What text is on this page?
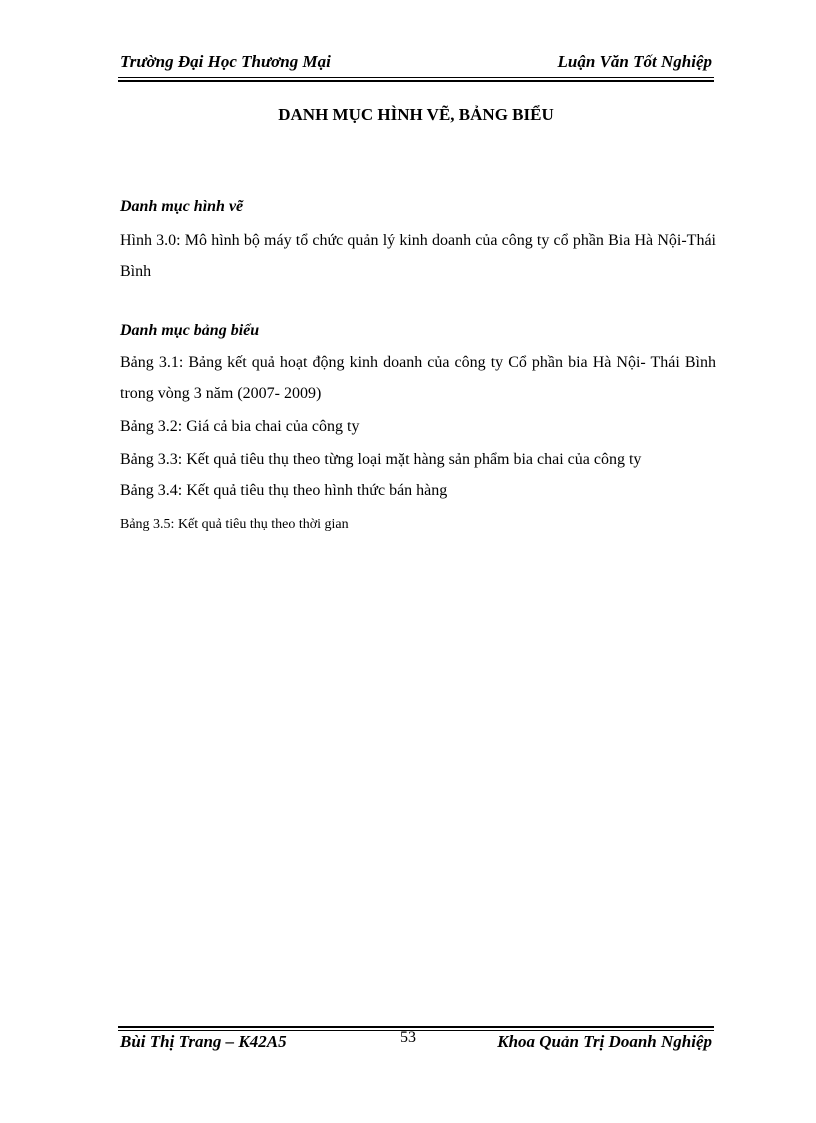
Trường Đại Học Thương Mại	Luận Văn Tốt Nghiệp
DANH MỤC HÌNH VẼ, BẢNG BIỂU
Danh mục hình vẽ
Hình 3.0: Mô hình bộ máy tổ chức quản lý kinh doanh của công ty cổ phần Bia Hà Nội-Thái Bình
Danh mục bảng biểu
Bảng 3.1: Bảng kết quả hoạt động kinh doanh của công ty Cổ phần bia Hà Nội- Thái Bình trong vòng 3 năm (2007- 2009)
Bảng 3.2: Giá cả bia chai của công ty
Bảng 3.3: Kết quả tiêu thụ theo từng loại mặt hàng sản phẩm bia chai của công ty
Bảng 3.4: Kết quả tiêu thụ theo hình thức bán hàng
Bảng 3.5: Kết quả tiêu thụ theo thời gian
Bùi Thị Trang – K42A5	53	Khoa Quản Trị Doanh Nghiệp
